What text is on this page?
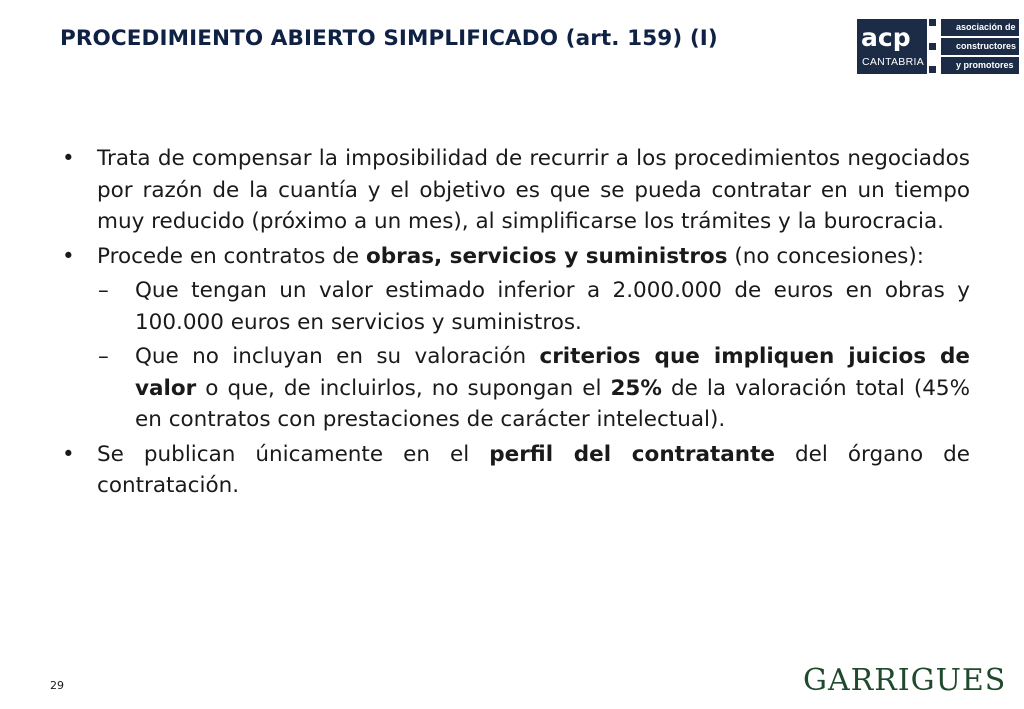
PROCEDIMIENTO ABIERTO SIMPLIFICADO (art. 159) (I)	acp
CANTABRIA
asociación de
constructores
y promotores
• Trata de compensar la imposibilidad de recurrir a los procedimientos negociados por razón de la cuantía y el objetivo es que se pueda contratar en un tiempo muy reducido (próximo a un mes), al simplificarse los trámites y la burocracia.
• Procede en contratos de obras, servicios y suministros (no concesiones):
– Que tengan un valor estimado inferior a 2.000.000 de euros en obras y 100.000 euros en servicios y suministros.
– Que no incluyan en su valoración criterios que impliquen juicios de valor o que, de incluirlos, no supongan el 25% de la valoración total (45% en contratos con prestaciones de carácter intelectual).
• Se publican únicamente en el perfil del contratante del órgano de contratación.
29	GARRIGUES
